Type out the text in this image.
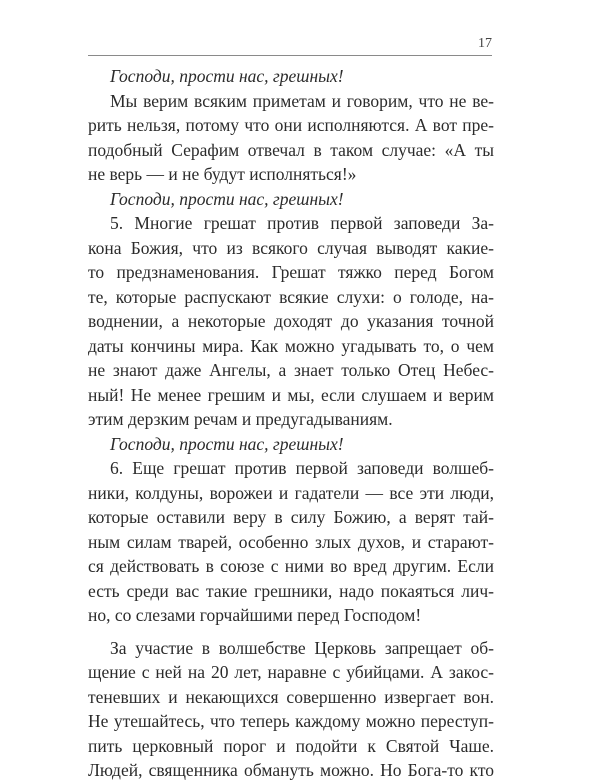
17
Господи, прости нас, грешных!
Мы верим всяким приметам и говорим, что не ве-
рить нельзя, потому что они исполняются. А вот пре-
подобный Серафим отвечал в таком случае: «А ты
не верь — и не будут исполняться!»
Господи, прости нас, грешных!
5. Многие грешат против первой заповеди За-
кона Божия, что из всякого случая выводят какие-
то предзнаменования. Грешат тяжко перед Богом
те, которые распускают всякие слухи: о голоде, на-
воднении, а некоторые доходят до указания точной
даты кончины мира. Как можно угадывать то, о чем
не знают даже Ангелы, а знает только Отец Небес-
ный! Не менее грешим и мы, если слушаем и верим
этим дерзким речам и предугадываниям.
Господи, прости нас, грешных!
6. Еще грешат против первой заповеди волшеб-
ники, колдуны, ворожеи и гадатели — все эти люди,
которые оставили веру в силу Божию, а верят тай-
ным силам тварей, особенно злых духов, и старают-
ся действовать в союзе с ними во вред другим. Если
есть среди вас такие грешники, надо покаяться лич-
но, со слезами горчайшими перед Господом!
За участие в волшебстве Церковь запрещает об-
щение с ней на 20 лет, наравне с убийцами. А закос-
теневших и некающихся совершенно извергает вон.
Не утешайтесь, что теперь каждому можно переступ-
пить церковный порог и подойти к Святой Чаше.
Людей, священника обмануть можно. Но Бога-то кто
